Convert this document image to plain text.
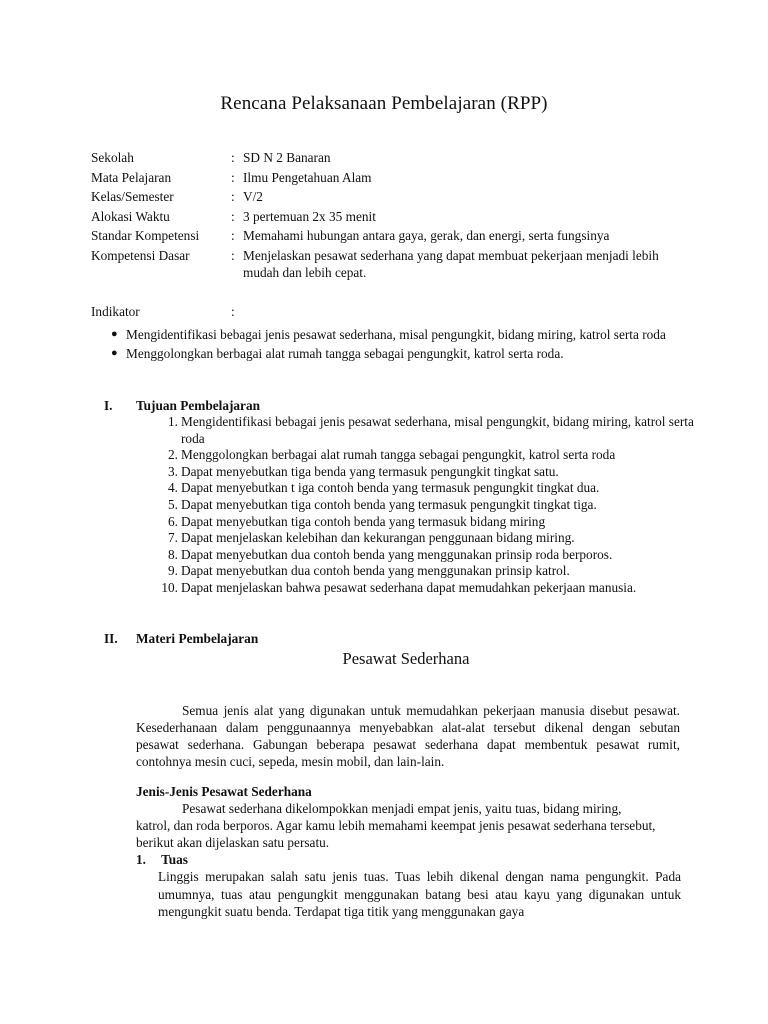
Rencana Pelaksanaan Pembelajaran (RPP)
Sekolah	: SD N 2 Banaran
Mata Pelajaran	: Ilmu Pengetahuan Alam
Kelas/Semester	: V/2
Alokasi Waktu	: 3 pertemuan 2x 35 menit
Standar Kompetensi	: Memahami hubungan antara gaya, gerak, dan energi, serta fungsinya
Kompetensi Dasar	: Menjelaskan pesawat sederhana yang dapat membuat pekerjaan menjadi lebih mudah dan lebih cepat.
Indikator	:
● Mengidentifikasi bebagai jenis pesawat sederhana, misal pengungkit, bidang miring, katrol serta roda
● Menggolongkan berbagai alat rumah tangga sebagai pengungkit, katrol serta roda.
I.	Tujuan Pembelajaran
1. Mengidentifikasi bebagai jenis pesawat sederhana, misal pengungkit, bidang miring, katrol serta roda
2. Menggolongkan berbagai alat rumah tangga sebagai pengungkit, katrol serta roda
3. Dapat menyebutkan tiga benda yang termasuk pengungkit tingkat satu.
4. Dapat menyebutkan t iga contoh benda yang termasuk pengungkit tingkat dua.
5. Dapat menyebutkan tiga contoh benda yang termasuk pengungkit tingkat tiga.
6. Dapat menyebutkan tiga contoh benda yang termasuk bidang miring
7. Dapat menjelaskan kelebihan dan kekurangan penggunaan bidang miring.
8. Dapat menyebutkan dua contoh benda yang menggunakan prinsip roda berporos.
9. Dapat menyebutkan dua contoh benda yang menggunakan prinsip katrol.
10. Dapat menjelaskan bahwa pesawat sederhana dapat memudahkan pekerjaan manusia.
II.	Materi Pembelajaran
Pesawat Sederhana
Semua jenis alat yang digunakan untuk memudahkan pekerjaan manusia disebut pesawat. Kesederhanaan dalam penggunaannya menyebabkan alat-alat tersebut dikenal dengan sebutan pesawat sederhana. Gabungan beberapa pesawat sederhana dapat membentuk pesawat rumit, contohnya mesin cuci, sepeda, mesin mobil, dan lain-lain.
Jenis-Jenis Pesawat Sederhana
Pesawat sederhana dikelompokkan menjadi empat jenis, yaitu tuas, bidang miring, katrol, dan roda berporos. Agar kamu lebih memahami keempat jenis pesawat sederhana tersebut, berikut akan dijelaskan satu persatu.
1. Tuas
Linggis merupakan salah satu jenis tuas. Tuas lebih dikenal dengan nama pengungkit. Pada umumnya, tuas atau pengungkit menggunakan batang besi atau kayu yang digunakan untuk mengungkit suatu benda. Terdapat tiga titik yang menggunakan gaya
